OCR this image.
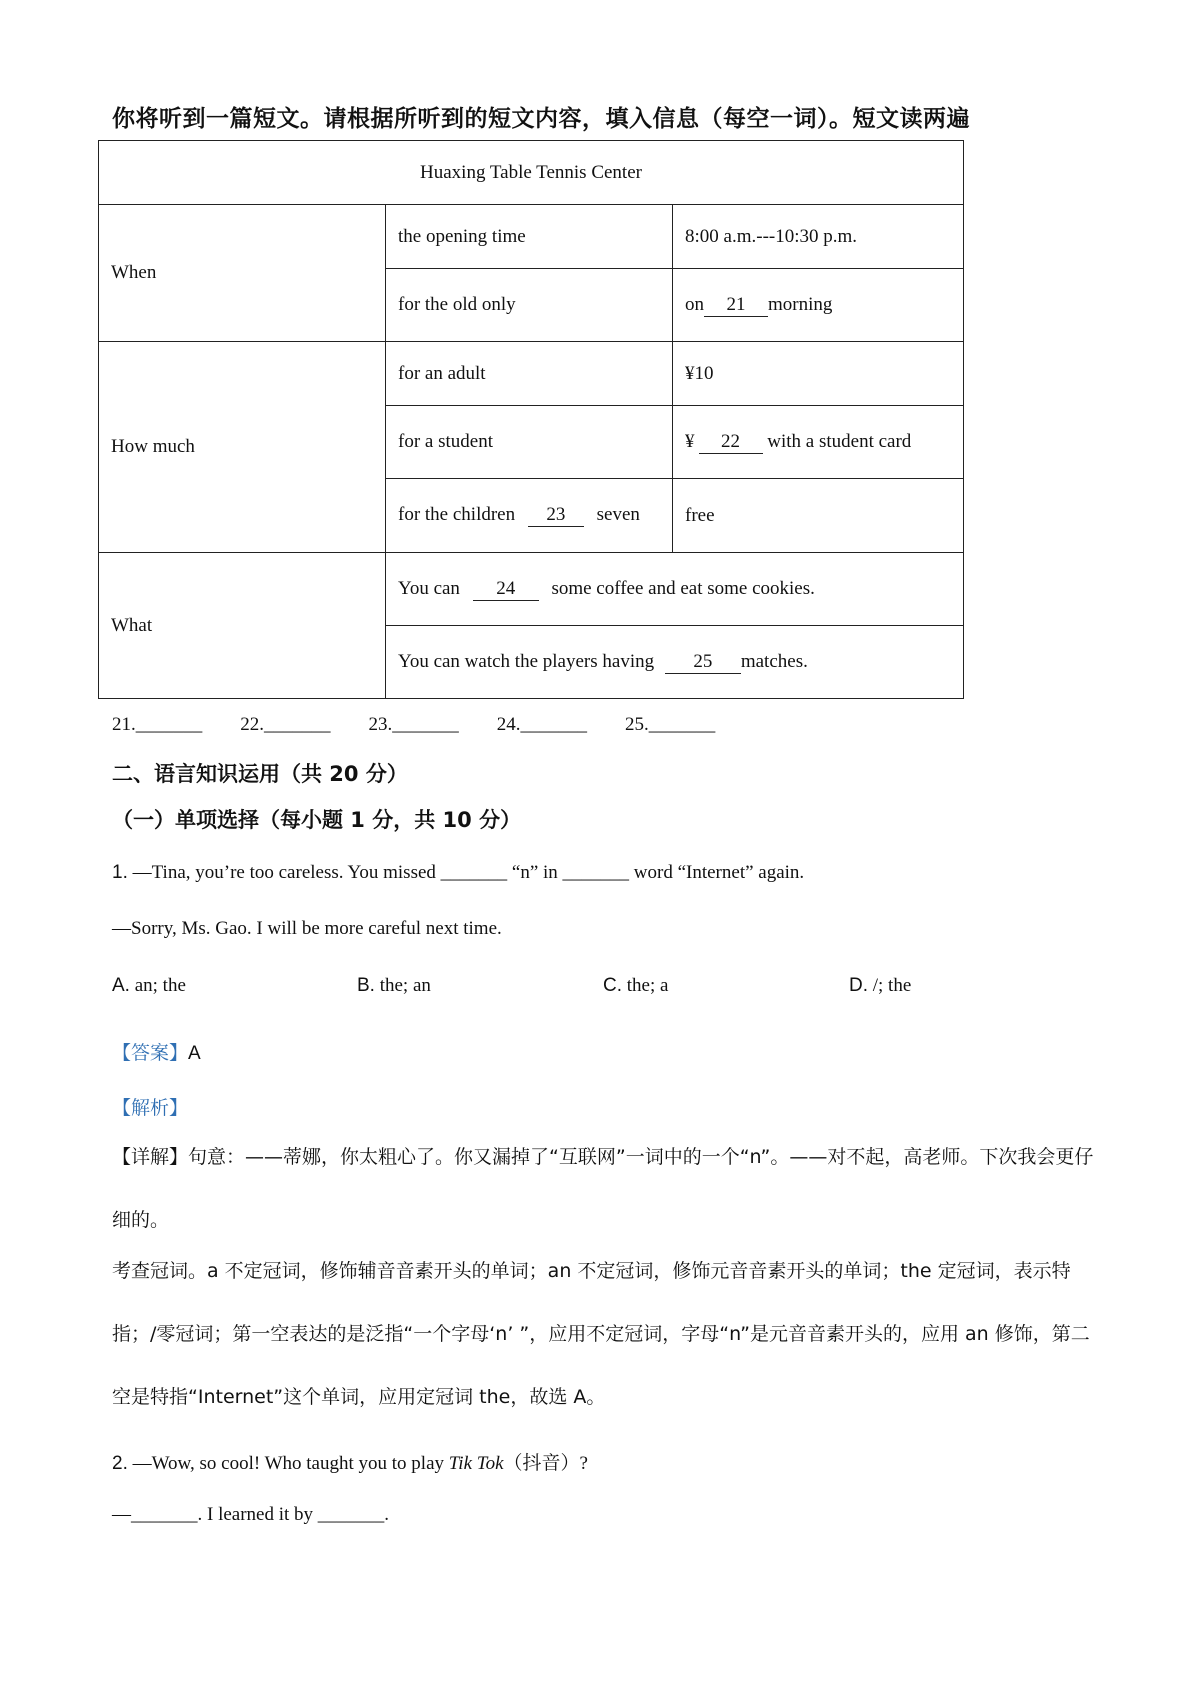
你将听到一篇短文。请根据所听到的短文内容，填入信息（每空一词）。短文读两遍
Huaxing Table Tennis Center		
When	the opening time	8:00 a.m.---10:30 p.m.
	for the old only	on 21 morning
How much	for an adult	¥10
	for a student	¥ 22 with a student card
	for the children 23 seven	free
What	You can 24 some coffee and eat some cookies.	
	You can watch the players having 25 matches.	
21._______ 22._______ 23._______ 24._______ 25._______
二、语言知识运用（共 20 分）
（一）单项选择（每小题 1 分，共 10 分）
1. —Tina, you’re too careless. You missed _______ “n” in _______ word “Internet” again.
—Sorry, Ms. Gao. I will be more careful next time.
A. an; the	B. the; an	C. the; a	D. /; the
【答案】A
【解析】
【详解】句意：——蒂娜，你太粗心了。你又漏掉了“互联网”一词中的一个“n”。——对不起，高老师。下次我会更仔细的。
考查冠词。a 不定冠词，修饰辅音音素开头的单词；an 不定冠词，修饰元音音素开头的单词；the 定冠词，表示特指；/零冠词；第一空表达的是泛指“一个字母‘n’ ”，应用不定冠词，字母“n”是元音音素开头的，应用 an 修饰，第二空是特指“Internet”这个单词，应用定冠词 the，故选 A。
2. —Wow, so cool! Who taught you to play Tik Tok（抖音）?
—_______. I learned it by _______.
